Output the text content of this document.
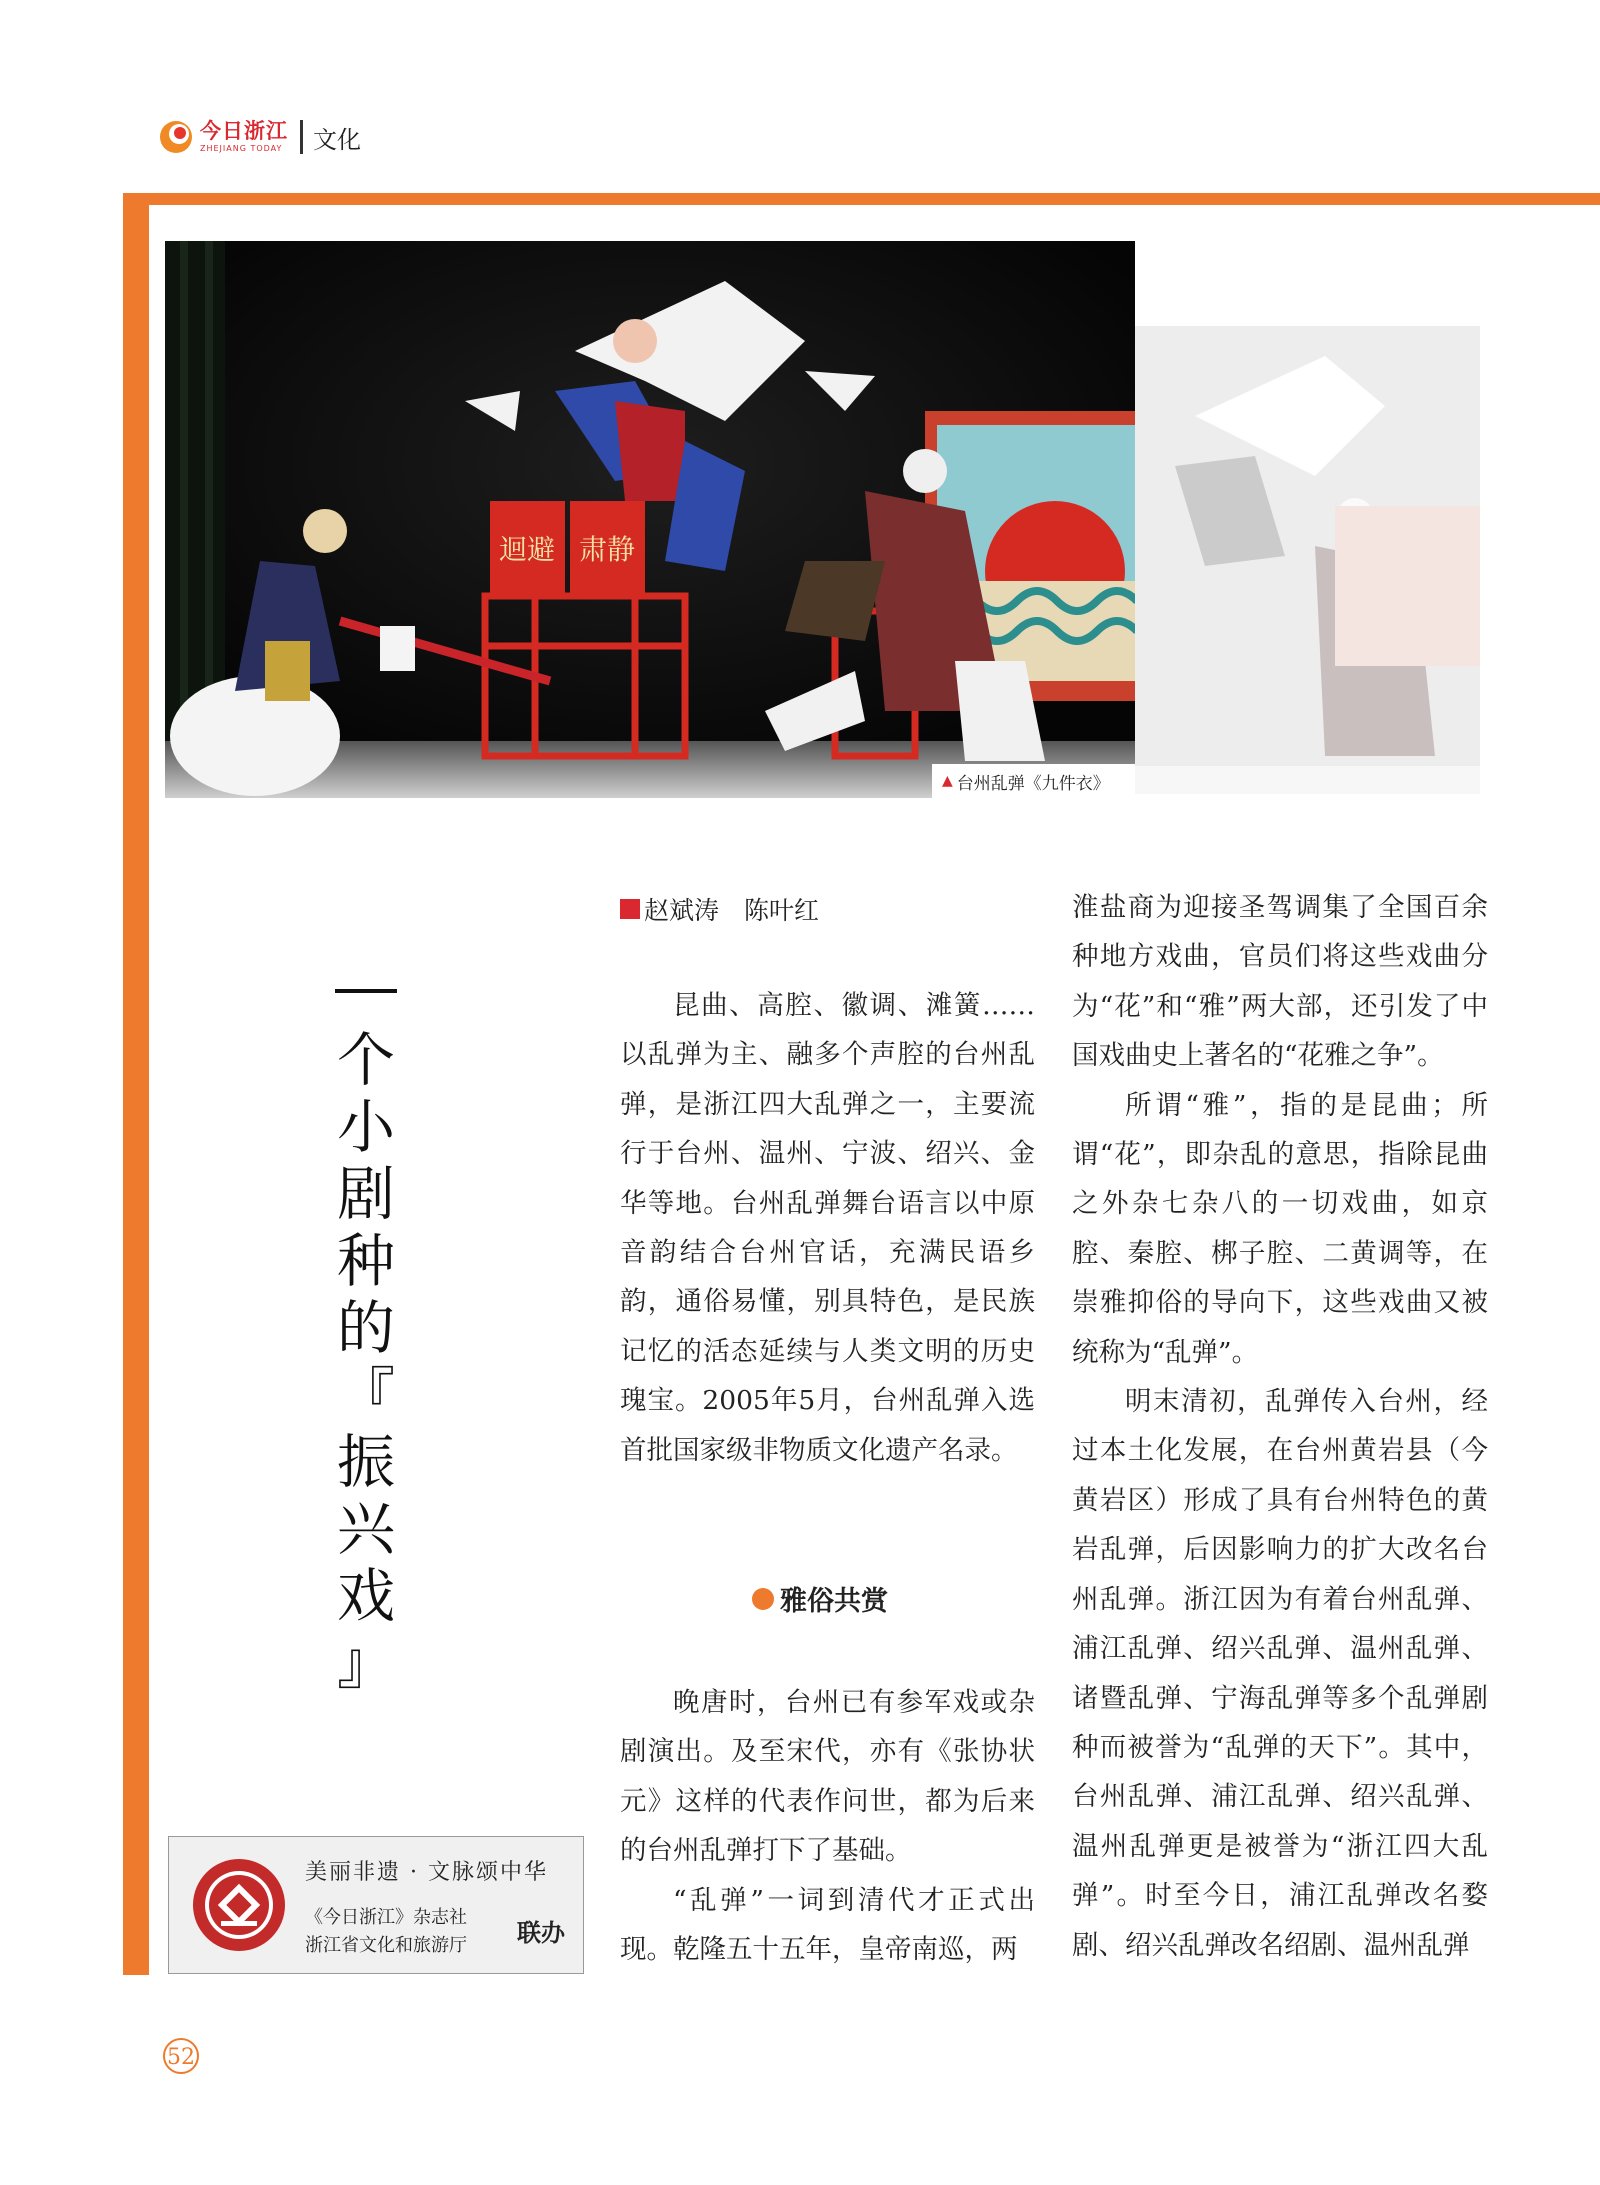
今日浙江
ZHEJIANG TODAY 文化
迴避 肃静
▲ 台州乱弹《九件衣》
个
小
剧
种
的
『
振
兴
戏
』
美丽非遗 · 文脉颂中华
《今日浙江》杂志社
浙江省文化和旅游厅 联办
赵斌涛　陈叶红

昆曲、高腔、徽调、滩簧……以乱弹为主、融多个声腔的台州乱弹，是浙江四大乱弹之一，主要流行于台州、温州、宁波、绍兴、金华等地。台州乱弹舞台语言以中原音韵结合台州官话，充满民语乡韵，通俗易懂，别具特色，是民族记忆的活态延续与人类文明的历史瑰宝。2005年5月，台州乱弹入选首批国家级非物质文化遗产名录。

雅俗共赏

晚唐时，台州已有参军戏或杂剧演出。及至宋代，亦有《张协状元》这样的代表作问世，都为后来的台州乱弹打下了基础。

“乱弹”一词到清代才正式出现。乾隆五十五年，皇帝南巡，两

淮盐商为迎接圣驾调集了全国百余种地方戏曲，官员们将这些戏曲分为“花”和“雅”两大部，还引发了中国戏曲史上著名的“花雅之争”。

所谓“雅”，指的是昆曲；所谓“花”，即杂乱的意思，指除昆曲之外杂七杂八的一切戏曲，如京腔、秦腔、梆子腔、二黄调等，在崇雅抑俗的导向下，这些戏曲又被统称为“乱弹”。

明末清初，乱弹传入台州，经过本土化发展，在台州黄岩县（今黄岩区）形成了具有台州特色的黄岩乱弹，后因影响力的扩大改名台州乱弹。浙江因为有着台州乱弹、浦江乱弹、绍兴乱弹、温州乱弹、诸暨乱弹、宁海乱弹等多个乱弹剧种而被誉为“乱弹的天下”。其中，台州乱弹、浦江乱弹、绍兴乱弹、温州乱弹更是被誉为“浙江四大乱弹”。时至今日，浦江乱弹改名婺剧、绍兴乱弹改名绍剧、温州乱弹

52
